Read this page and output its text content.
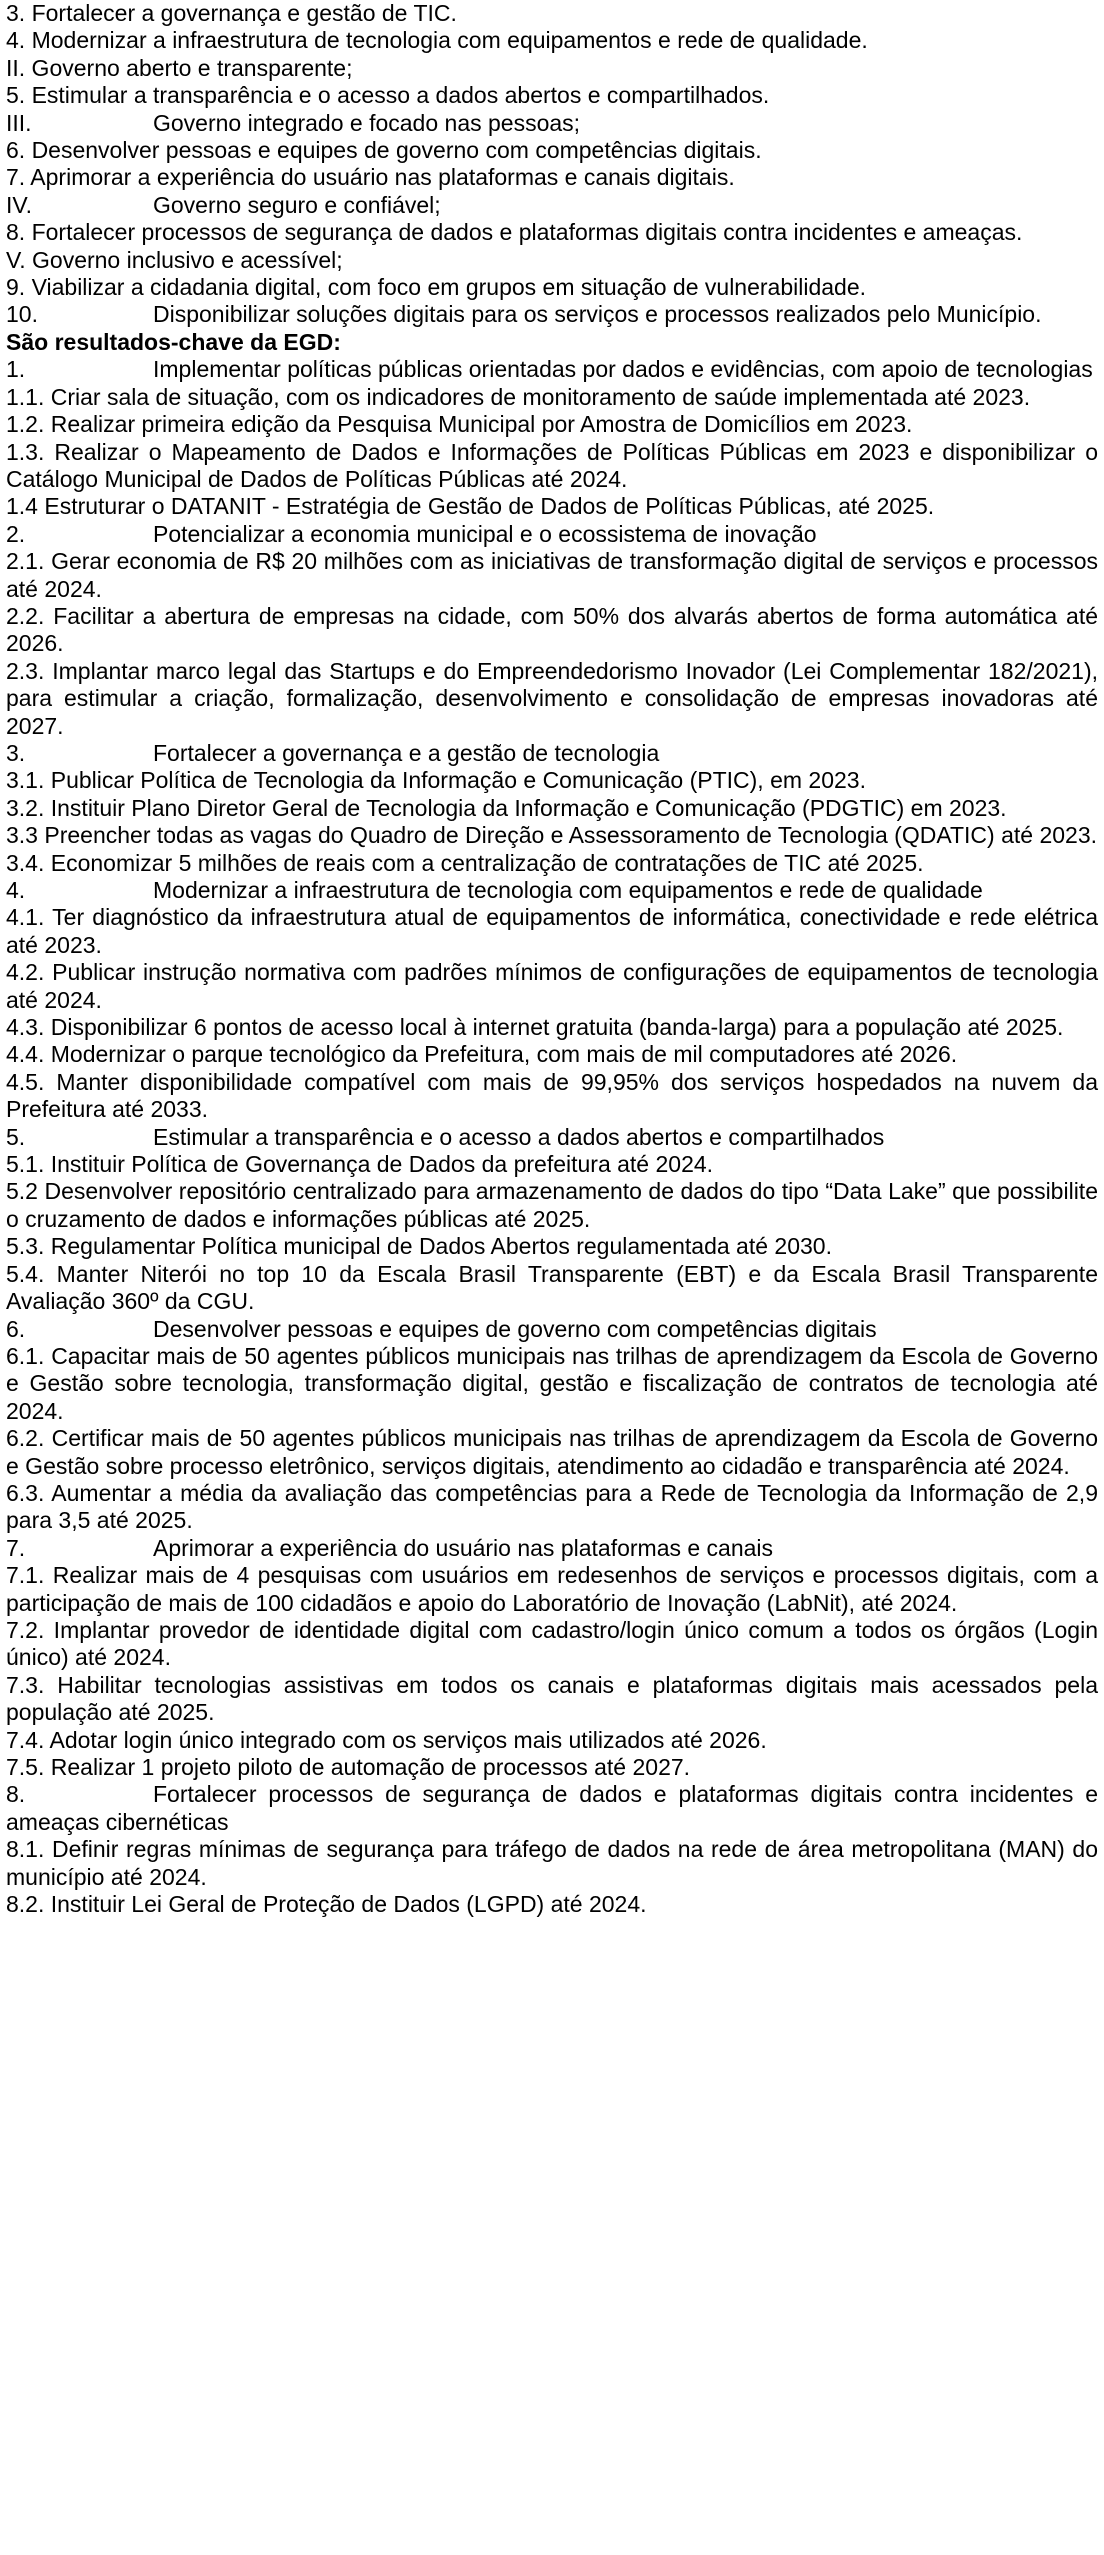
3. Fortalecer a governança e gestão de TIC.

4. Modernizar a infraestrutura de tecnologia com equipamentos e rede de qualidade.

II. Governo aberto e transparente;

5. Estimular a transparência e o acesso a dados abertos e compartilhados.

III.	Governo integrado e focado nas pessoas;

6. Desenvolver pessoas e equipes de governo com competências digitais.

7. Aprimorar a experiência do usuário nas plataformas e canais digitais.

IV.	Governo seguro e confiável;

8. Fortalecer processos de segurança de dados e plataformas digitais contra incidentes e ameaças.

V. Governo inclusivo e acessível;

9. Viabilizar a cidadania digital, com foco em grupos em situação de vulnerabilidade.

10.	Disponibilizar soluções digitais para os serviços e processos realizados pelo Município.

São resultados-chave da EGD:

1.	Implementar políticas públicas orientadas por dados e evidências, com apoio de tecnologias

1.1. Criar sala de situação, com os indicadores de monitoramento de saúde implementada até 2023.

1.2. Realizar primeira edição da Pesquisa Municipal por Amostra de Domicílios em 2023.

1.3. Realizar o Mapeamento de Dados e Informações de Políticas Públicas em 2023 e disponibilizar o Catálogo Municipal de Dados de Políticas Públicas até 2024.

1.4 Estruturar o DATANIT - Estratégia de Gestão de Dados de Políticas Públicas, até 2025.

2.	Potencializar a economia municipal e o ecossistema de inovação

2.1. Gerar economia de R$ 20 milhões com as iniciativas de transformação digital de serviços e processos até 2024.

2.2. Facilitar a abertura de empresas na cidade, com 50% dos alvarás abertos de forma automática até 2026.

2.3. Implantar marco legal das Startups e do Empreendedorismo Inovador (Lei Complementar 182/2021), para estimular a criação, formalização, desenvolvimento e consolidação de empresas inovadoras até 2027.

3.	Fortalecer a governança e a gestão de tecnologia

3.1. Publicar Política de Tecnologia da Informação e Comunicação (PTIC), em 2023.

3.2. Instituir Plano Diretor Geral de Tecnologia da Informação e Comunicação (PDGTIC) em 2023.

3.3 Preencher todas as vagas do Quadro de Direção e Assessoramento de Tecnologia (QDATIC) até 2023.

3.4. Economizar 5 milhões de reais com a centralização de contratações de TIC até 2025.

4.	Modernizar a infraestrutura de tecnologia com equipamentos e rede de qualidade

4.1. Ter diagnóstico da infraestrutura atual de equipamentos de informática, conectividade e rede elétrica até 2023.

4.2. Publicar instrução normativa com padrões mínimos de configurações de equipamentos de tecnologia até 2024.

4.3. Disponibilizar 6 pontos de acesso local à internet gratuita (banda-larga) para a população até 2025.

4.4. Modernizar o parque tecnológico da Prefeitura, com mais de mil computadores até 2026.

4.5. Manter disponibilidade compatível com mais de 99,95% dos serviços hospedados na nuvem da Prefeitura até 2033.

5.	Estimular a transparência e o acesso a dados abertos e compartilhados

5.1. Instituir Política de Governança de Dados da prefeitura até 2024.

5.2 Desenvolver repositório centralizado para armazenamento de dados do tipo “Data Lake” que possibilite o cruzamento de dados e informações públicas até 2025.

5.3. Regulamentar Política municipal de Dados Abertos regulamentada até 2030.

5.4. Manter Niterói no top 10 da Escala Brasil Transparente (EBT) e da Escala Brasil Transparente Avaliação 360º da CGU.

6.	Desenvolver pessoas e equipes de governo com competências digitais

6.1. Capacitar mais de 50 agentes públicos municipais nas trilhas de aprendizagem da Escola de Governo e Gestão sobre tecnologia, transformação digital, gestão e fiscalização de contratos de tecnologia até 2024.

6.2. Certificar mais de 50 agentes públicos municipais nas trilhas de aprendizagem da Escola de Governo e Gestão sobre processo eletrônico, serviços digitais, atendimento ao cidadão e transparência até 2024.

6.3. Aumentar a média da avaliação das competências para a Rede de Tecnologia da Informação de 2,9 para 3,5 até 2025.

7.	Aprimorar a experiência do usuário nas plataformas e canais

7.1. Realizar mais de 4 pesquisas com usuários em redesenhos de serviços e processos digitais, com a participação de mais de 100 cidadãos e apoio do Laboratório de Inovação (LabNit), até 2024.

7.2. Implantar provedor de identidade digital com cadastro/login único comum a todos os órgãos (Login único) até 2024.

7.3. Habilitar tecnologias assistivas em todos os canais e plataformas digitais mais acessados pela população até 2025.

7.4. Adotar login único integrado com os serviços mais utilizados até 2026.

7.5. Realizar 1 projeto piloto de automação de processos até 2027.

8.	Fortalecer processos de segurança de dados e plataformas digitais contra incidentes e ameaças cibernéticas

8.1. Definir regras mínimas de segurança para tráfego de dados na rede de área metropolitana (MAN) do município até 2024.

8.2. Instituir Lei Geral de Proteção de Dados (LGPD) até 2024.
